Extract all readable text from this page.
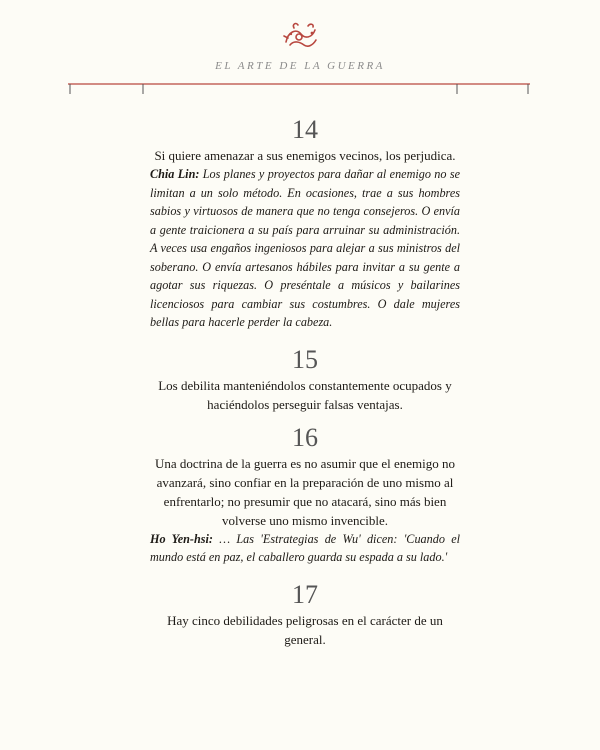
EL ARTE DE LA GUERRA

14

Si quiere amenazar a sus enemigos vecinos, los perjudica.

Chia Lin: Los planes y proyectos para dañar al enemigo no se limitan a un solo método. En ocasiones, trae a sus hombres sabios y virtuosos de manera que no tenga consejeros. O envía a gente traicionera a su país para arruinar su administración. A veces usa engaños ingeniosos para alejar a sus ministros del soberano. O envía artesanos hábiles para invitar a su gente a agotar sus riquezas. O preséntale a músicos y bailarines licenciosos para cambiar sus costumbres. O dale mujeres bellas para hacerle perder la cabeza.

15

Los debilita manteniéndolos constantemente ocupados y haciéndolos perseguir falsas ventajas.

16

Una doctrina de la guerra es no asumir que el enemigo no avanzará, sino confiar en la preparación de uno mismo al enfrentarlo; no presumir que no atacará, sino más bien volverse uno mismo invencible.

Ho Yen-hsi: … Las 'Estrategias de Wu' dicen: 'Cuando el mundo está en paz, el caballero guarda su espada a su lado.'

17

Hay cinco debilidades peligrosas en el carácter de un general.
